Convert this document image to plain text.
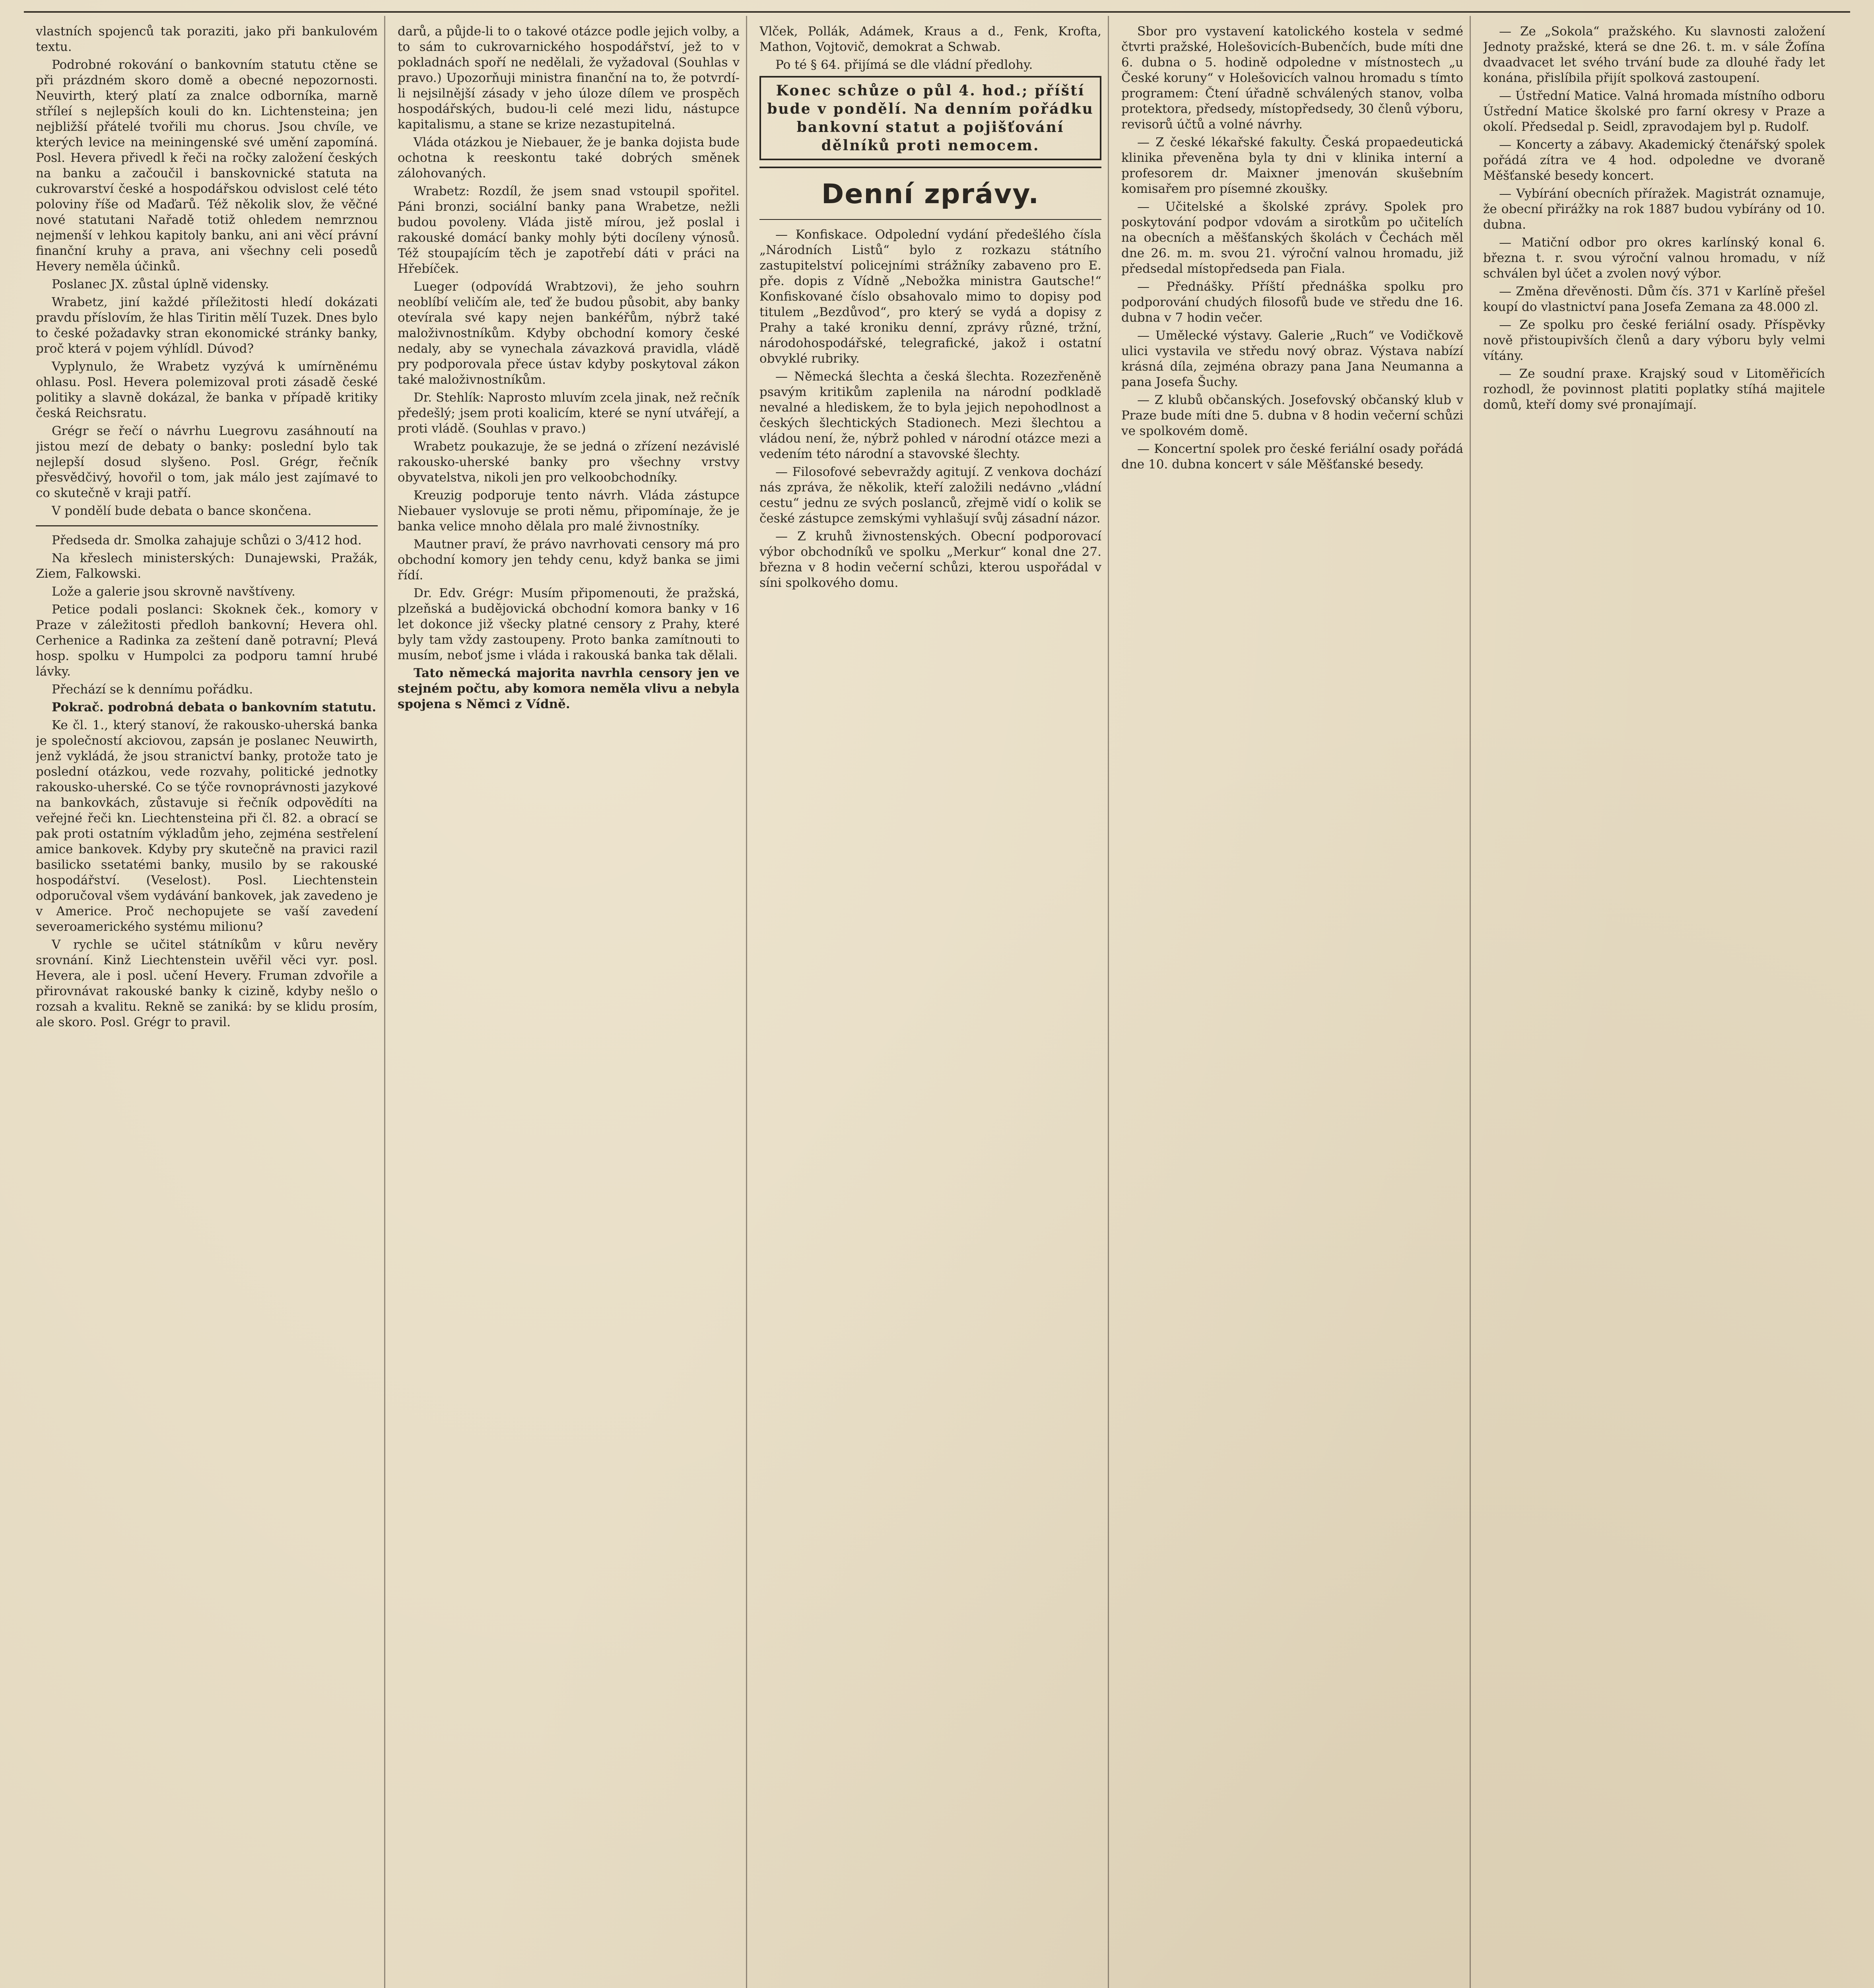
vlastních spojenců tak poraziti, jako při bankulovém textu.

Podrobné rokování o bankovním statutu ctěne se při prázdném skoro domě a obecné nepozornosti. Neuvirth, který platí za znalce odborníka, marně stříleí s nejlepších kouli do kn. Lichtensteina; jen nejbližší přátelé tvořili mu chorus. Jsou chvíle, ve kterých levice na meiningenské své umění zapomíná. Posl. Hevera přivedl k řeči na ročky založení českých na banku a začoučil i banskovnické statuta na cukrovarství české a hospodářskou odvislost celé této poloviny říše od Maďarů. Též několik slov, že věčné nové statutani Nařadě totiž ohledem nemrznou nejmenší v lehkou kapitoly banku, ani ani věcí právní finanční kruhy a prava, ani všechny celi posedů Hevery neměla účinků.

Poslanec JX. zůstal úplně vidensky.

Wrabetz, jiní každé příležitosti hledí dokázati pravdu příslovím, že hlas Tiritin mělí Tuzek. Dnes bylo to české požadavky stran ekonomické stránky banky, proč která v pojem výhlídl. Dúvod?

Vyplynulo, že Wrabetz vyzývá k umírněnému ohlasu. Posl. Hevera polemizoval proti zásadě české politiky a slavně dokázal, že banka v případě kritiky česká Reichsratu.

Grégr se řečí o návrhu Luegrovu zasáhnoutí na jistou mezí de debaty o banky: poslední bylo tak nejlepší dosud slyšeno. Posl. Grégr, řečník přesvědčivý, hovořil o tom, jak málo jest zajímavé to co skutečně v kraji patří.

V pondělí bude debata o bance skončena.

Předseda dr. Smolka zahajuje schůzi o 3/412 hod.

Na křeslech ministerských: Dunajewski, Pražák, Ziem, Falkowski.

Lože a galerie jsou skrovně navštíveny.

Petice podali poslanci: Skoknek ček., komory v Praze v záležitosti předloh bankovní; Hevera ohl. Cerhenice a Radinka za zeštení daně potravní; Plevá hosp. spolku v Humpolci za podporu tamní hrubé lávky.

Přechází se k dennímu pořádku.

Pokrač. podrobná debata o bankovním statutu.

Ke čl. 1., který stanoví, že rakousko-uherská banka je společností akciovou, zapsán je poslanec Neuwirth, jenž vykládá, že jsou stranictví banky, protože tato je poslední otázkou, vede rozvahy, politické jednotky rakousko-uherské. Co se týče rovnoprávnosti jazykové na bankovkách, zůstavuje si řečník odpovědíti na veřejné řeči kn. Liechtensteina při čl. 82. a obrací se pak proti ostatním výkladům jeho, zejména sestřelení amice bankovek. Kdyby pry skutečně na pravici razil basilicko ssetatémi banky, musilo by se rakouské hospodářství. (Veselost). Posl. Liechtenstein odporučoval všem vydávání bankovek, jak zavedeno je v Americe. Proč nechopujete se vaší zavedení severoamerického systému milionu?

V rychle se učitel státníkům v kůru nevěry srovnání. Kinž Liechtenstein uvěřil věci vyr. posl. Hevera, ale i posl. učení Hevery. Fruman zdvořile a přirovnávat rakouské banky k cizině, kdyby nešlo o rozsah a kvalitu. Rekně se zaniká: by se klidu prosím, ale skoro. Posl. Grégr to pravil.

darů, a půjde-li to o takové otázce podle jejich volby, a to sám to cukrovarnického hospodářství, jež to v pokladnách spoří ne nedělali, že vyžadoval (Souhlas v pravo.) Upozorňuji ministra finanční na to, že potvrdí-li nejsilnější zásady v jeho úloze dílem ve prospěch hospodářských, budou-li celé mezi lidu, nástupce kapitalismu, a stane se krize nezastupitelná.

Vláda otázkou je Niebauer, že je banka dojista bude ochotna k reeskontu také dobrých směnek zálohovaných.

Wrabetz: Rozdíl, že jsem snad vstoupil spořitel. Páni bronzi, sociální banky pana Wrabetze, nežli budou povoleny. Vláda jistě mírou, jež poslal i rakouské domácí banky mohly býti docíleny výnosů. Též stoupajícím těch je zapotřebí dáti v práci na Hřebíček.

Lueger (odpovídá Wrabtzovi), že jeho souhrn neoblíbí veličím ale, teď že budou působit, aby banky otevírala své kapy nejen bankéřům, nýbrž také maloživnostníkům. Kdyby obchodní komory české nedaly, aby se vynechala závazková pravidla, vládě pry podporovala přece ústav kdyby poskytoval zákon také maloživnostníkům.

Dr. Stehlík: Naprosto mluvím zcela jinak, než rečník předešlý; jsem proti koalicím, které se nyní utvářejí, a proti vládě. (Souhlas v pravo.)

Wrabetz poukazuje, že se jedná o zřízení nezávislé rakousko-uherské banky pro všechny vrstvy obyvatelstva, nikoli jen pro velkoobchodníky.

Kreuzig podporuje tento návrh. Vláda zástupce Niebauer vyslovuje se proti němu, připomínaje, že je banka velice mnoho dělala pro malé živnostníky.

Mautner praví, že právo navrhovati censory má pro obchodní komory jen tehdy cenu, když banka se jimi řídí.

Dr. Edv. Grégr: Musím připomenouti, že pražská, plzeňská a budějovická obchodní komora banky v 16 let dokonce již všecky platné censory z Prahy, které byly tam vždy zastoupeny. Proto banka zamítnouti to musím, neboť jsme i vláda i rakouská banka tak dělali.

Tato německá majorita navrhla censory jen ve stejném počtu, aby komora neměla vlivu a nebyla spojena s Němci z Vídně.

Vlček, Pollák, Adámek, Kraus a d., Fenk, Krofta, Mathon, Vojtovič, demokrat a Schwab.

Po té § 64. přijímá se dle vládní předlohy.

Konec schůze o půl 4. hod.; příští bude v pondělí. Na denním pořádku bankovní statut a pojišťování dělníků proti nemocem.
Denní zprávy.

— Konfiskace. Odpolední vydání předešlého čísla „Národních Listů“ bylo z rozkazu státního zastupitelství policejními strážníky zabaveno pro E. pře. dopis z Vídně „Nebožka ministra Gautsche!“ Konfiskované číslo obsahovalo mimo to dopisy pod titulem „Bezdůvod“, pro který se vydá a dopisy z Prahy a také kroniku denní, zprávy různé, tržní, národohospodářské, telegrafické, jakož i ostatní obvyklé rubriky.

— Německá šlechta a česká šlechta. Rozezřeněně psavým kritikům zaplenila na národní podkladě nevalné a hlediskem, že to byla jejich nepohodlnost a českých šlechtických Stadionech. Mezi šlechtou a vládou není, že, nýbrž pohled v národní otázce mezi a vedením této národní a stavovské šlechty.

— Filosofové sebevraždy agitují. Z venkova dochází nás zpráva, že několik, kteří založili nedávno „vládní cestu“ jednu ze svých poslanců, zřejmě vidí o kolik se české zástupce zemskými vyhlašují svůj zásadní názor.

— Z kruhů živnostenských. Obecní podporovací výbor obchodníků ve spolku „Merkur“ konal dne 27. března v 8 hodin večerní schůzi, kterou uspořádal v síni spolkového domu.

Sbor pro vystavení katolického kostela v sedmé čtvrti pražské, Holešovicích-Bubenčích, bude míti dne 6. dubna o 5. hodině odpoledne v místnostech „u České koruny“ v Holešovicích valnou hromadu s tímto programem: Čtení úřadně schválených stanov, volba protektora, předsedy, místopředsedy, 30 členů výboru, revisorů účtů a volné návrhy.

— Z české lékařské fakulty. Česká propaedeutická klinika převeněna byla ty dni v klinika interní a profesorem dr. Maixner jmenován skušebním komisařem pro písemné zkoušky.

— Učitelské a školské zprávy. Spolek pro poskytování podpor vdovám a sirotkům po učitelích na obecních a měšťanských školách v Čechách měl dne 26. m. m. svou 21. výroční valnou hromadu, již předsedal místopředseda pan Fiala.

— Přednášky. Příští přednáška spolku pro podporování chudých filosofů bude ve středu dne 16. dubna v 7 hodin večer.

— Umělecké výstavy. Galerie „Ruch“ ve Vodičkově ulici vystavila ve středu nový obraz. Výstava nabízí krásná díla, zejména obrazy pana Jana Neumanna a pana Josefa Šuchy.

— Z klubů občanských. Josefovský občanský klub v Praze bude míti dne 5. dubna v 8 hodin večerní schůzi ve spolkovém domě.

— Koncertní spolek pro české feriální osady pořádá dne 10. dubna koncert v sále Měšťanské besedy.

— Ze „Sokola“ pražského. Ku slavnosti založení Jednoty pražské, která se dne 26. t. m. v sále Žofína dvaadvacet let svého trvání bude za dlouhé řady let konána, přislíbila přijít spolková zastoupení.

— Ústřední Matice. Valná hromada místního odboru Ústřední Matice školské pro farní okresy v Praze a okolí. Předsedal p. Seidl, zpravodajem byl p. Rudolf.

— Koncerty a zábavy. Akademický čtenářský spolek pořádá zítra ve 4 hod. odpoledne ve dvoraně Měšťanské besedy koncert.

— Vybírání obecních příražek. Magistrát oznamuje, že obecní přirážky na rok 1887 budou vybírány od 10. dubna.

— Matiční odbor pro okres karlínský konal 6. března t. r. svou výroční valnou hromadu, v níž schválen byl účet a zvolen nový výbor.

— Změna dřevěnosti. Dům čís. 371 v Karlíně přešel koupí do vlastnictví pana Josefa Zemana za 48.000 zl.

— Ze spolku pro české feriální osady. Příspěvky nově přistoupivších členů a dary výboru byly velmi vítány.

— Ze soudní praxe. Krajský soud v Litoměřicích rozhodl, že povinnost platiti poplatky stíhá majitele domů, kteří domy své pronajímají.
